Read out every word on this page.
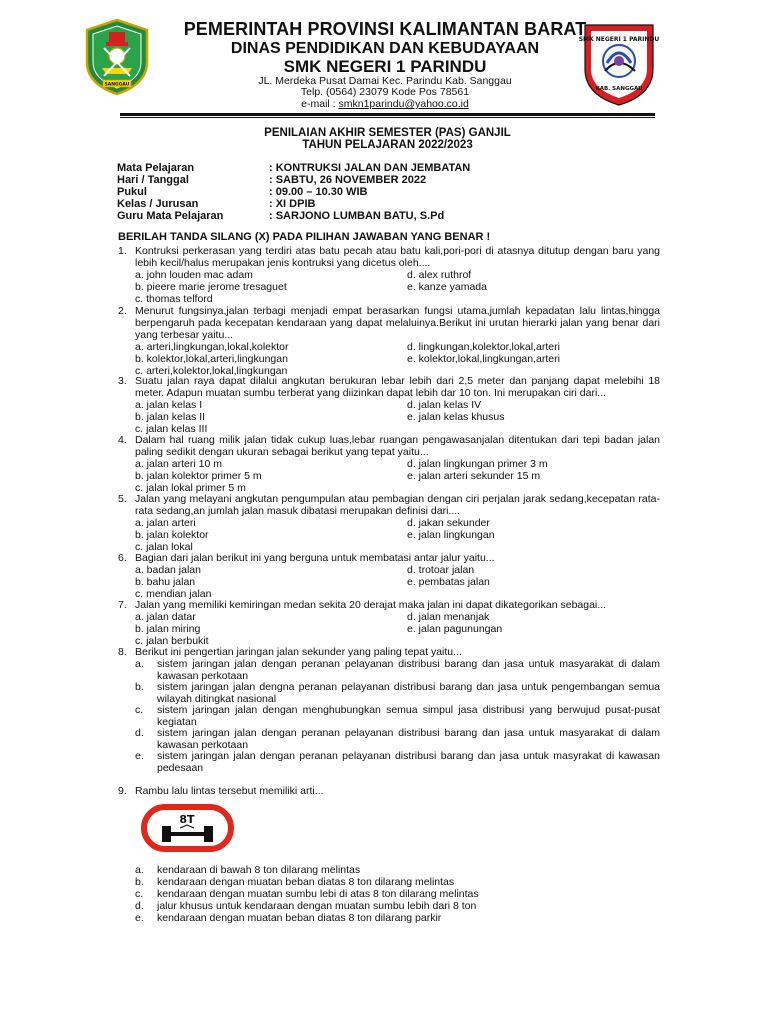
SANGGAU
SMK NEGERI 1 PARINDU
KAB. SANGGAU
PEMERINTAH PROVINSI KALIMANTAN BARAT
DINAS PENDIDIKAN DAN KEBUDAYAAN
SMK NEGERI 1 PARINDU
JL. Merdeka Pusat Damai Kec. Parindu Kab. Sanggau
Telp. (0564) 23079 Kode Pos 78561
e-mail : smkn1parindu@yahoo.co.id
PENILAIAN AKHIR SEMESTER (PAS) GANJIL
TAHUN PELAJARAN 2022/2023
Mata Pelajaran	: KONTRUKSI JALAN DAN JEMBATAN
Hari / Tanggal	: SABTU, 26 NOVEMBER 2022
Pukul	: 09.00 – 10.30 WIB
Kelas / Jurusan	: XI DPIB
Guru Mata Pelajaran	: SARJONO LUMBAN BATU, S.Pd
BERILAH TANDA SILANG (X) PADA PILIHAN JAWABAN YANG BENAR !
1. Kontruksi perkerasan yang terdiri atas batu pecah atau batu kali,pori-pori di atasnya ditutup dengan baru yang lebih kecil/halus merupakan jenis kontruksi yang dicetus oleh....
a. john louden mac adam
b. pieere marie jerome tresaguet
c. thomas telford
d. alex ruthrof
e. kanze yamada
2. Menurut fungsinya,jalan terbagi menjadi empat berasarkan fungsi utama,jumlah kepadatan lalu lintas,hingga berpengaruh pada kecepatan kendaraan yang dapat melaluinya.Berikut ini urutan hierarki jalan yang benar dari yang terbesar yaitu...
a. arteri,lingkungan,lokal,kolektor
b. kolektor,lokal,arteri,lingkungan
c. arteri,kolektor,lokal,lingkungan
d. lingkungan,kolektor,lokal,arteri
e. kolektor,lokal,lingkungan,arteri
3. Suatu jalan raya dapat dilalui angkutan berukuran lebar lebih dari 2,5 meter dan panjang dapat melebihi 18 meter. Adapun muatan sumbu terberat yang diizinkan dapat lebih dar 10 ton. Ini merupakan ciri dari...
a. jalan kelas I
b. jalan kelas II
c. jalan kelas III
d. jalan kelas IV
e. jalan kelas khusus
4. Dalam hal ruang milik jalan tidak cukup luas,lebar ruangan pengawasanjalan ditentukan dari tepi badan jalan paling sedikit dengan ukuran sebagai berikut yang tepat yaitu...
a. jalan arteri 10 m
b. jalan kolektor primer 5 m
c. jalan lokal primer 5 m
d. jalan lingkungan primer 3 m
e. jalan arteri sekunder 15 m
5. Jalan yang melayani angkutan pengumpulan atau pembagian dengan ciri perjalan jarak sedang,kecepatan rata-rata sedang,an jumlah jalan masuk dibatasi merupakan definisi dari....
a. jalan arteri
b. jalan kolektor
c. jalan lokal
d. jakan sekunder
e. jalan lingkungan
6. Bagian dari jalan berikut ini yang berguna untuk membatasi antar jalur yaitu...
a. badan jalan
b. bahu jalan
c. mendian jalan
d. trotoar jalan
e. pembatas jalan
7. Jalan yang memiliki kemiringan medan sekita 20 derajat maka jalan ini dapat dikategorikan sebagai...
a. jalan datar
b. jalan miring
c. jalan berbukit
d. jalan menanjak
e. jalan pagunungan
8. Berikut ini pengertian jaringan jalan sekunder yang paling tepat yaitu...
a. sistem jaringan jalan dengan peranan pelayanan distribusi barang dan jasa untuk masyarakat di dalam kawasan perkotaan
b. sistem jaringan jalan dengna peranan pelayanan distribusi barang dan jasa untuk pengembangan semua wilayah ditingkat nasional
c. sistem jaringan jalan dengan menghubungkan semua simpul jasa distribusi yang berwujud pusat-pusat kegiatan
d. sistem jaringan jalan dengan peranan pelayanan distribusi barang dan jasa untuk masyarakat di dalam kawasan perkotaan
e. sistem jaringan jalan dengan peranan pelayanan distribusi barang dan jasa untuk masyrakat di kawasan pedesaan
9. Rambu lalu lintas tersebut memiliki arti...
8T
a. kendaraan di bawah 8 ton dilarang melintas
b. kendaraan dengan muatan beban diatas 8 ton dilarang melintas
c. kendaraan dengan muatan sumbu lebi di atas 8 ton dilarang melintas
d. jalur khusus untuk kendaraan dengan muatan sumbu lebih dari 8 ton
e. kendaraan dengan muatan beban diatas 8 ton dilarang parkir
